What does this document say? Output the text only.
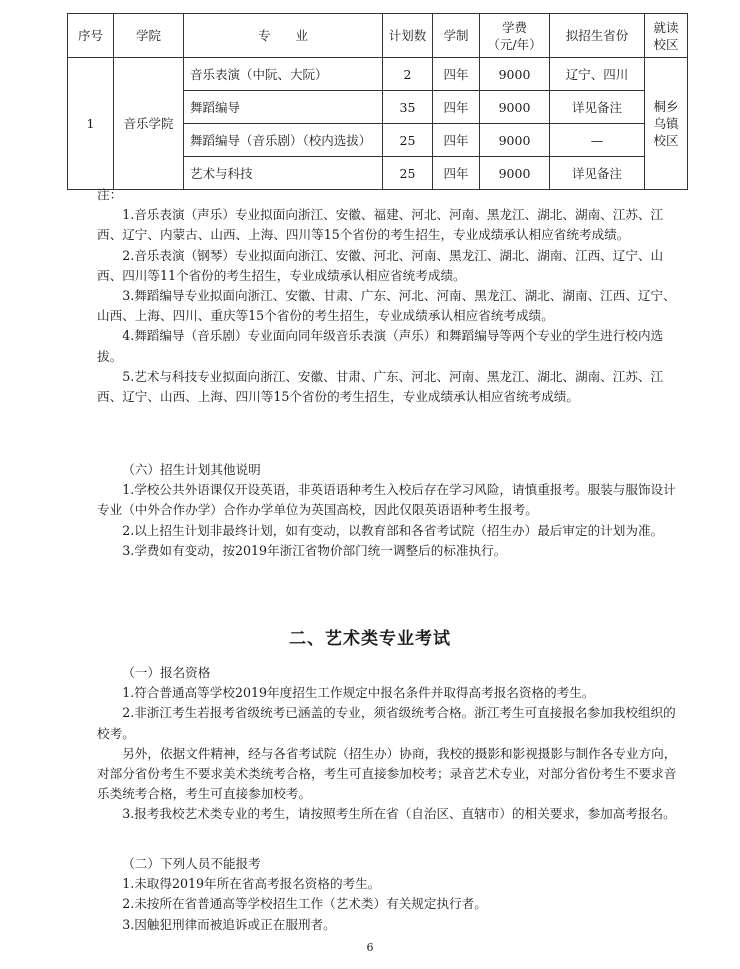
序号	学院	专　　业	计划数	学制	学费
（元/年）	拟招生省份	就读
校区
1	音乐学院	音乐表演（中阮、大阮）	2	四年	9000	辽宁、四川	桐乡
乌镇
校区
		舞蹈编导	35	四年	9000	详见备注	
		舞蹈编导（音乐剧）（校内选拔）	25	四年	9000	—	
		艺术与科技	25	四年	9000	详见备注	

注：

1.音乐表演（声乐）专业拟面向浙江、安徽、福建、河北、河南、黑龙江、湖北、湖南、江苏、江西、辽宁、内蒙古、山西、上海、四川等15个省份的考生招生，专业成绩承认相应省统考成绩。

2.音乐表演（钢琴）专业拟面向浙江、安徽、河北、河南、黑龙江、湖北、湖南、江西、辽宁、山西、四川等11个省份的考生招生，专业成绩承认相应省统考成绩。

3.舞蹈编导专业拟面向浙江、安徽、甘肃、广东、河北、河南、黑龙江、湖北、湖南、江西、辽宁、山西、上海、四川、重庆等15个省份的考生招生，专业成绩承认相应省统考成绩。

4.舞蹈编导（音乐剧）专业面向同年级音乐表演（声乐）和舞蹈编导等两个专业的学生进行校内选拔。

5.艺术与科技专业拟面向浙江、安徽、甘肃、广东、河北、河南、黑龙江、湖北、湖南、江苏、江西、辽宁、山西、上海、四川等15个省份的考生招生，专业成绩承认相应省统考成绩。

（六）招生计划其他说明

1.学校公共外语课仅开设英语，非英语语种考生入校后存在学习风险，请慎重报考。服装与服饰设计专业（中外合作办学）合作办学单位为英国高校，因此仅限英语语种考生报考。

2.以上招生计划非最终计划，如有变动，以教育部和各省考试院（招生办）最后审定的计划为准。

3.学费如有变动，按2019年浙江省物价部门统一调整后的标准执行。

二、艺术类专业考试

（一）报名资格

1.符合普通高等学校2019年度招生工作规定中报名条件并取得高考报名资格的考生。

2.非浙江考生若报考省级统考已涵盖的专业，须省级统考合格。浙江考生可直接报名参加我校组织的校考。

另外，依据文件精神，经与各省考试院（招生办）协商，我校的摄影和影视摄影与制作各专业方向，对部分省份考生不要求美术类统考合格，考生可直接参加校考；录音艺术专业，对部分省份考生不要求音乐类统考合格，考生可直接参加校考。

3.报考我校艺术类专业的考生，请按照考生所在省（自治区、直辖市）的相关要求，参加高考报名。

（二）下列人员不能报考

1.未取得2019年所在省高考报名资格的考生。

2.未按所在省普通高等学校招生工作（艺术类）有关规定执行者。

3.因触犯刑律而被追诉或正在服刑者。

6
